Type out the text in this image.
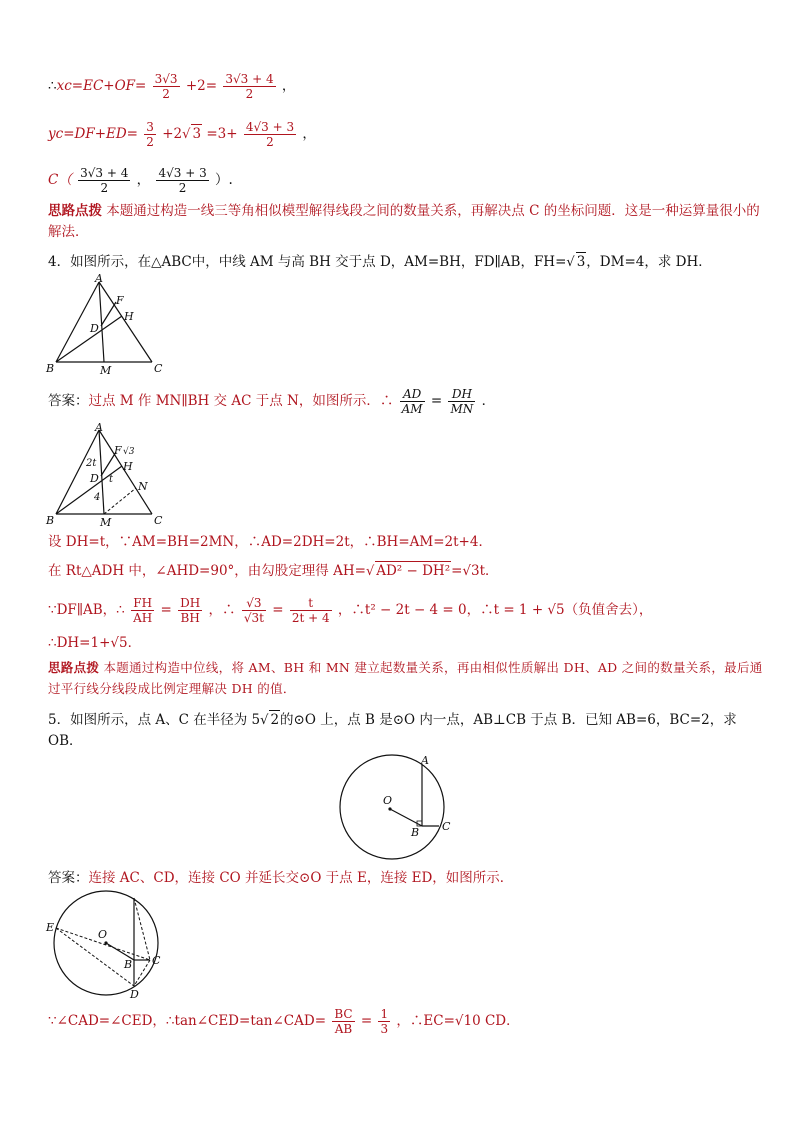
∴xc=EC+OF= $\frac{3√3}{2} +2= \frac{3√3 + 4}{2}$ ，
$yc=DF+ED= \frac{3}{2} +2√$ $3 =3+ \frac{4√3 + 3}{2}$ ，
$C( \frac{3√3 + 4}{2}$ ， $\frac{4√3 + 3}{2}$ ）.
思路点拨 本题通过构造一线三等角相似模型解得线段之间的数量关系，再解决点 C 的坐标问题．这是一种运算量很小的解法．
4．如图所示，在△ABC中，中线 AM 与高 BH 交于点 D，AM=BH，FD∥AB，FH=√ 3，DM=4，求 DH．
A
F
H
D
B	M	C
答案：过点 M 作 MN∥BH 交 AC 于点 N，如图所示．∴ $\frac{AD}{AM} = \frac{DH}{MN}$ ．
A
F √3
2t H
D t
4
N
B	M	C
设 DH=t，∵AM=BH=2MN，∴AD=2DH=2t，∴BH=AM=2t+4．
在 Rt△ADH 中，∠AHD=90°，由勾股定理得 AH=√ AD² − DH²=√3t．
∵DF∥AB，∴ $\frac{FH}{AH} = \frac{DH}{BH}$ ，∴ $\frac{√3}{√3t} = \frac{t}{2t + 4}$ ，∴t² − 2t − 4 = 0，∴t = 1 + √5（负值舍去），
∴DH=1+√5．
思路点拨 本题通过构造中位线，将 AM、BH 和 MN 建立起数量关系，再由相似性质解出 DH、AD 之间的数量关系，最后通过平行线分线段成比例定理解决 DH 的值．
5．如图所示，点 A、C 在半径为 5√ 2的⊙O 上，点 B 是⊙O 内一点，AB⊥CB 于点 B．已知 AB=6，BC=2，求
OB．
A
O
B C
答案：连接 AC、CD，连接 CO 并延长交⊙O 于点 E，连接 ED，如图所示．
E
O
B C
D
∵∠CAD=∠CED，∴tan∠CED=tan∠CAD= $\frac{BC}{AB} = \frac{1}{3}$ ，∴EC=√10 CD．
